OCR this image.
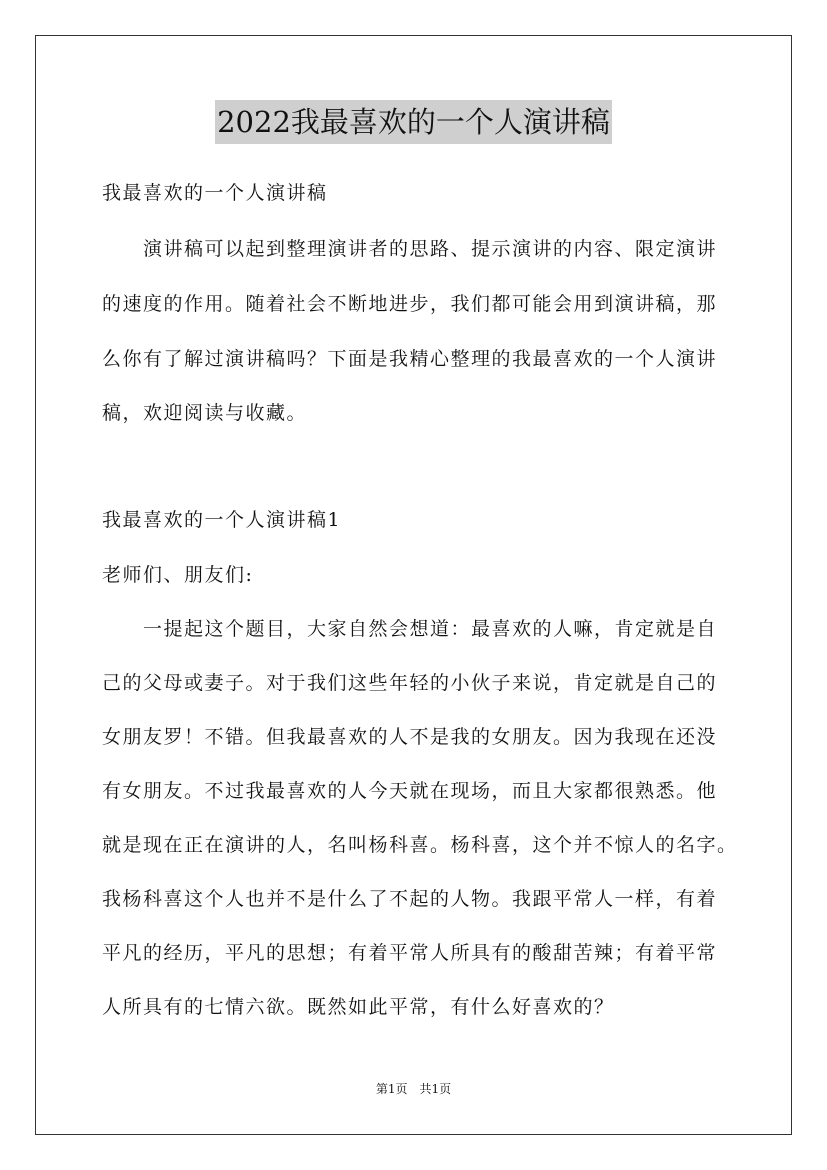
2022我最喜欢的一个人演讲稿
我最喜欢的一个人演讲稿
　　演讲稿可以起到整理演讲者的思路、提示演讲的内容、限定演讲
的速度的作用。随着社会不断地进步，我们都可能会用到演讲稿，那
么你有了解过演讲稿吗？下面是我精心整理的我最喜欢的一个人演讲
稿，欢迎阅读与收藏。
我最喜欢的一个人演讲稿1
老师们、朋友们:
　　一提起这个题目，大家自然会想道：最喜欢的人嘛，肯定就是自
己的父母或妻子。对于我们这些年轻的小伙子来说，肯定就是自己的
女朋友罗！不错。但我最喜欢的人不是我的女朋友。因为我现在还没
有女朋友。不过我最喜欢的人今天就在现场，而且大家都很熟悉。他
就是现在正在演讲的人，名叫杨科喜。杨科喜，这个并不惊人的名字。
我杨科喜这个人也并不是什么了不起的人物。我跟平常人一样，有着
平凡的经历，平凡的思想；有着平常人所具有的酸甜苦辣；有着平常
人所具有的七情六欲。既然如此平常，有什么好喜欢的？
第1页　共1页
